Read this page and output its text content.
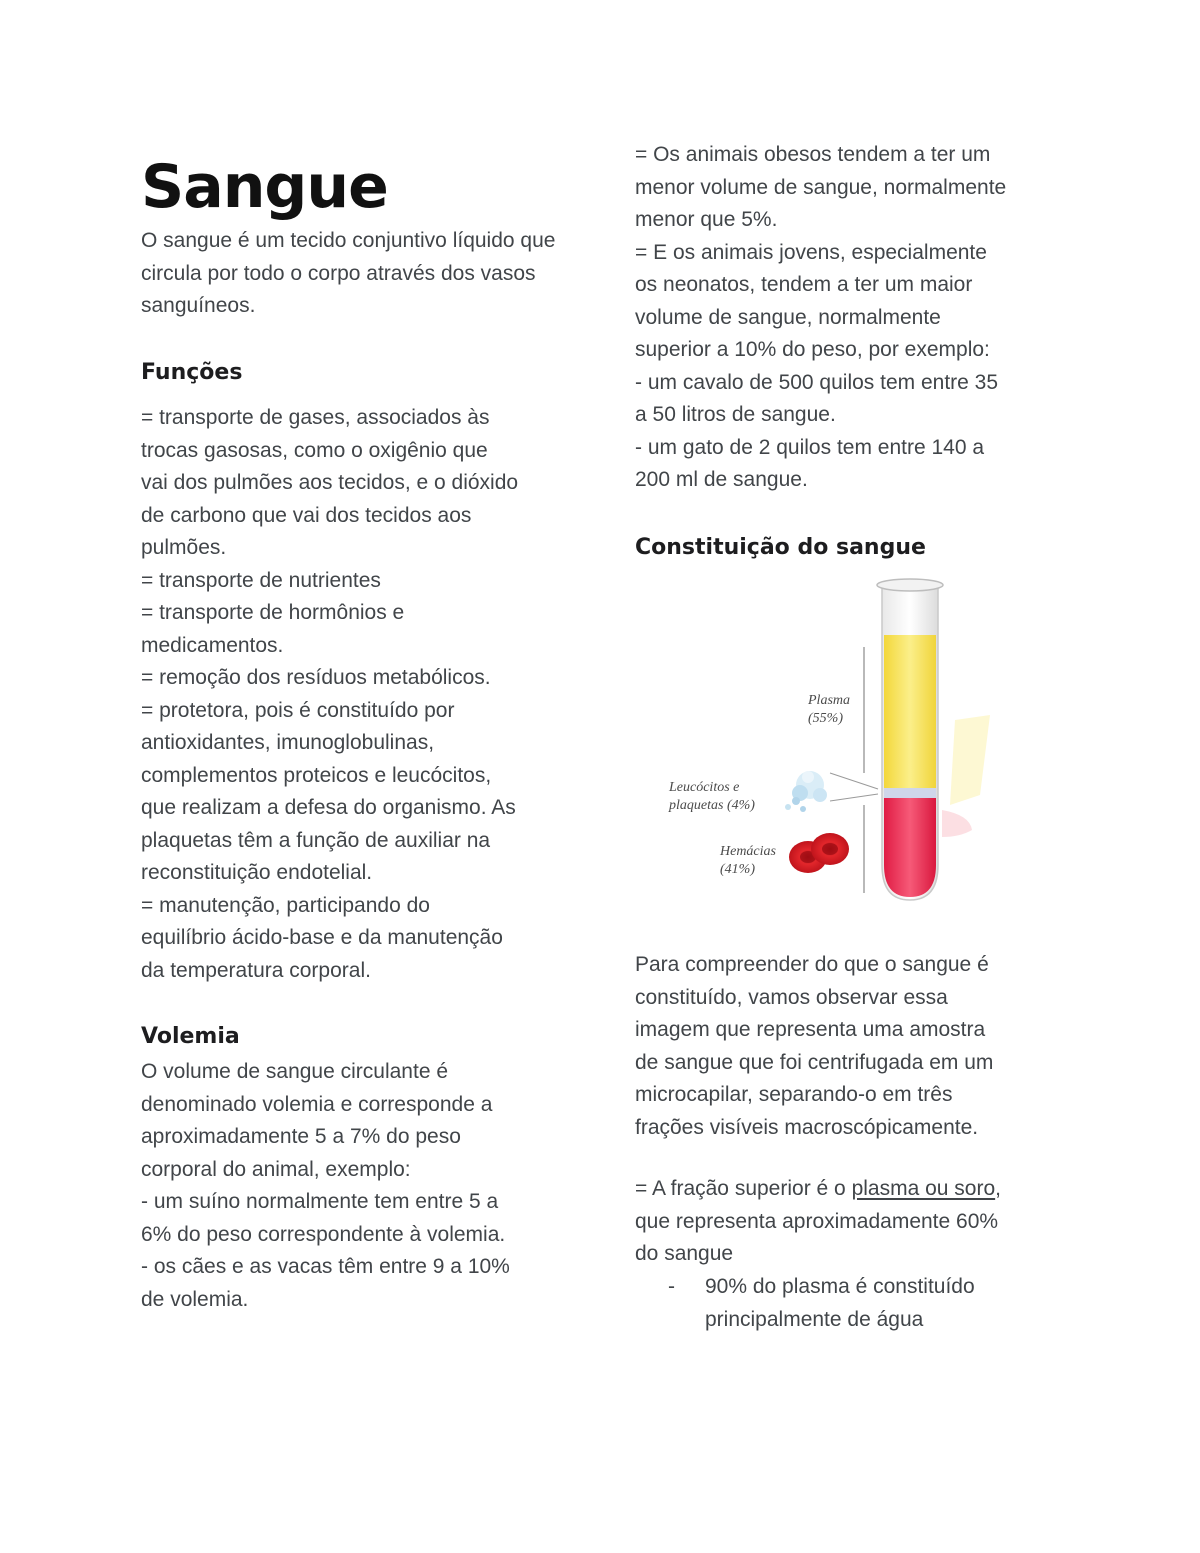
Sangue

O sangue é um tecido conjuntivo líquido que circula por todo o corpo através dos vasos sanguíneos.

Funções

= transporte de gases, associados às

trocas gasosas, como o oxigênio que

vai dos pulmões aos tecidos, e o dióxido

de carbono que vai dos tecidos aos

pulmões.

= transporte de nutrientes

= transporte de hormônios e

medicamentos.

= remoção dos resíduos metabólicos.

= protetora, pois é constituído por

antioxidantes, imunoglobulinas,

complementos proteicos e leucócitos,

que realizam a defesa do organismo. As

plaquetas têm a função de auxiliar na

reconstituição endotelial.

= manutenção, participando do

equilíbrio ácido-base e da manutenção

da temperatura corporal.

Volemia

O volume de sangue circulante é

denominado volemia e corresponde a

aproximadamente 5 a 7% do peso

corporal do animal, exemplo:

- um suíno normalmente tem entre 5 a

6% do peso correspondente à volemia.

- os cães e as vacas têm entre 9 a 10%

de volemia.

= Os animais obesos tendem a ter um

menor volume de sangue, normalmente

menor que 5%.

= E os animais jovens, especialmente

os neonatos, tendem a ter um maior

volume de sangue, normalmente

superior a 10% do peso, por exemplo:

- um cavalo de 500 quilos tem entre 35

a 50 litros de sangue.

- um gato de 2 quilos tem entre 140 a

200 ml de sangue.

Constituição do sangue
Plasma
(55%)
Leucócitos e
plaquetas (4%)
Hemácias
(41%)

Para compreender do que o sangue é

constituído, vamos observar essa

imagem que representa uma amostra

de sangue que foi centrifugada em um

microcapilar, separando-o em três

frações visíveis macroscópicamente.

= A fração superior é o plasma ou soro,

que representa aproximadamente 60%

do sangue

- 90% do plasma é constituído

principalmente de água
